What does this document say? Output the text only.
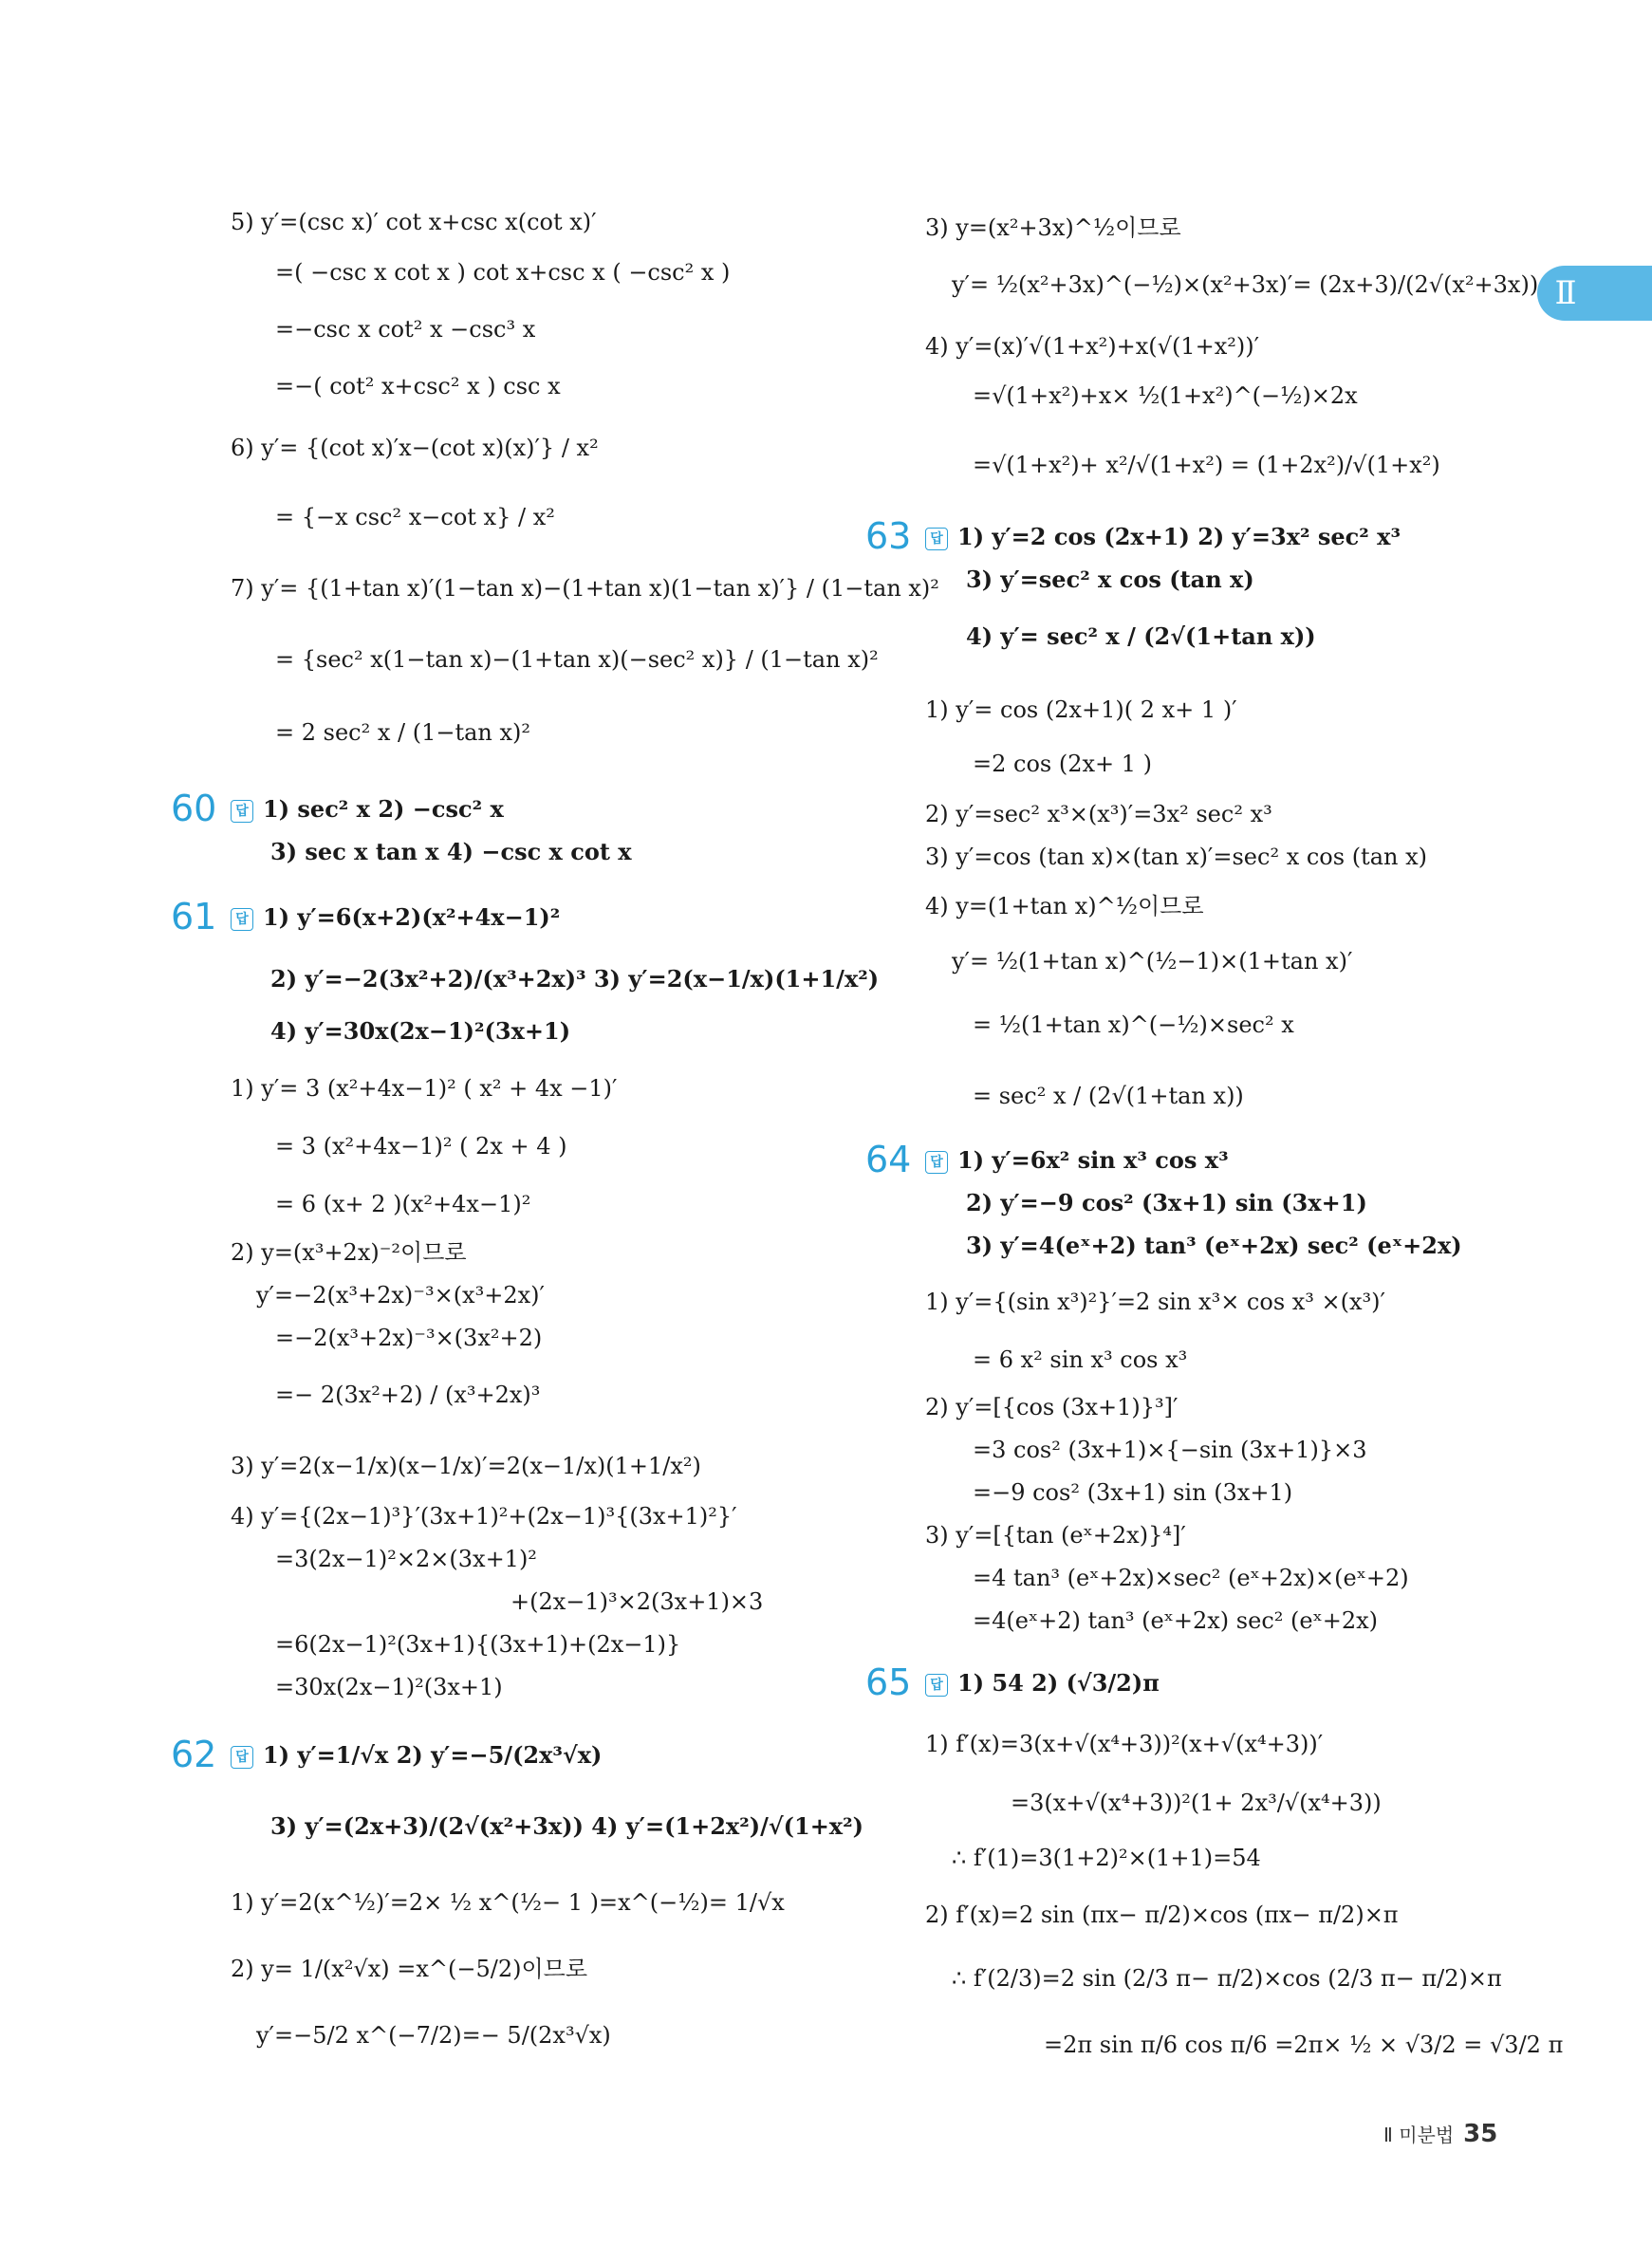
Ⅱ
5) y′=(csc x)′ cot x+csc x(cot x)′
=( −csc x cot x ) cot x+csc x ( −csc² x )
=−csc x cot² x −csc³ x
=−( cot² x+csc² x ) csc x
6) y′= {(cot x)′x−(cot x)(x)′} / x²
= {−x csc² x−cot x} / x²
7) y′= {(1+tan x)′(1−tan x)−(1+tan x)(1−tan x)′} / (1−tan x)²
= {sec² x(1−tan x)−(1+tan x)(−sec² x)} / (1−tan x)²
= 2 sec² x / (1−tan x)²
60	답 1) sec² x 2) −csc² x
3) sec x tan x 4) −csc x cot x
61	답 1) y′=6(x+2)(x²+4x−1)²
2) y′=−2(3x²+2)/(x³+2x)³ 3) y′=2(x−1/x)(1+1/x²)
4) y′=30x(2x−1)²(3x+1)
1) y′= 3 (x²+4x−1)² ( x² + 4x −1)′
= 3 (x²+4x−1)² ( 2x + 4 )
= 6 (x+ 2 )(x²+4x−1)²
2) y=(x³+2x)⁻²이므로
y′=−2(x³+2x)⁻³×(x³+2x)′
=−2(x³+2x)⁻³×(3x²+2)
=− 2(3x²+2) / (x³+2x)³
3) y′=2(x−1/x)(x−1/x)′=2(x−1/x)(1+1/x²)
4) y′={(2x−1)³}′(3x+1)²+(2x−1)³{(3x+1)²}′
=3(2x−1)²×2×(3x+1)²
+(2x−1)³×2(3x+1)×3
=6(2x−1)²(3x+1){(3x+1)+(2x−1)}
=30x(2x−1)²(3x+1)
62	답 1) y′=1/√x 2) y′=−5/(2x³√x)
3) y′=(2x+3)/(2√(x²+3x)) 4) y′=(1+2x²)/√(1+x²)
1) y′=2(x^½)′=2× ½ x^(½− 1 )=x^(−½)= 1/√x
2) y= 1/(x²√x) =x^(−5/2)이므로
y′=−5/2 x^(−7/2)=− 5/(2x³√x)
3) y=(x²+3x)^½이므로
y′= ½(x²+3x)^(−½)×(x²+3x)′= (2x+3)/(2√(x²+3x))
4) y′=(x)′√(1+x²)+x(√(1+x²))′
=√(1+x²)+x× ½(1+x²)^(−½)×2x
=√(1+x²)+ x²/√(1+x²) = (1+2x²)/√(1+x²)
63	답 1) y′=2 cos (2x+1) 2) y′=3x² sec² x³
3) y′=sec² x cos (tan x)
4) y′= sec² x / (2√(1+tan x))
1) y′= cos (2x+1)( 2 x+ 1 )′
=2 cos (2x+ 1 )
2) y′=sec² x³×(x³)′=3x² sec² x³
3) y′=cos (tan x)×(tan x)′=sec² x cos (tan x)
4) y=(1+tan x)^½이므로
y′= ½(1+tan x)^(½−1)×(1+tan x)′
= ½(1+tan x)^(−½)×sec² x
= sec² x / (2√(1+tan x))
64	답 1) y′=6x² sin x³ cos x³
2) y′=−9 cos² (3x+1) sin (3x+1)
3) y′=4(eˣ+2) tan³ (eˣ+2x) sec² (eˣ+2x)
1) y′={(sin x³)²}′=2 sin x³× cos x³ ×(x³)′
= 6 x² sin x³ cos x³
2) y′=[{cos (3x+1)}³]′
=3 cos² (3x+1)×{−sin (3x+1)}×3
=−9 cos² (3x+1) sin (3x+1)
3) y′=[{tan (eˣ+2x)}⁴]′
=4 tan³ (eˣ+2x)×sec² (eˣ+2x)×(eˣ+2)
=4(eˣ+2) tan³ (eˣ+2x) sec² (eˣ+2x)
65	답 1) 54 2) (√3/2)π
1) f′(x)=3(x+√(x⁴+3))²(x+√(x⁴+3))′
=3(x+√(x⁴+3))²(1+ 2x³/√(x⁴+3))
∴ f′(1)=3(1+2)²×(1+1)=54
2) f′(x)=2 sin (πx− π/2)×cos (πx− π/2)×π
∴ f′(2/3)=2 sin (2/3 π− π/2)×cos (2/3 π− π/2)×π
=2π sin π/6 cos π/6 =2π× ½ × √3/2 = √3/2 π
Ⅱ 미분법 35
